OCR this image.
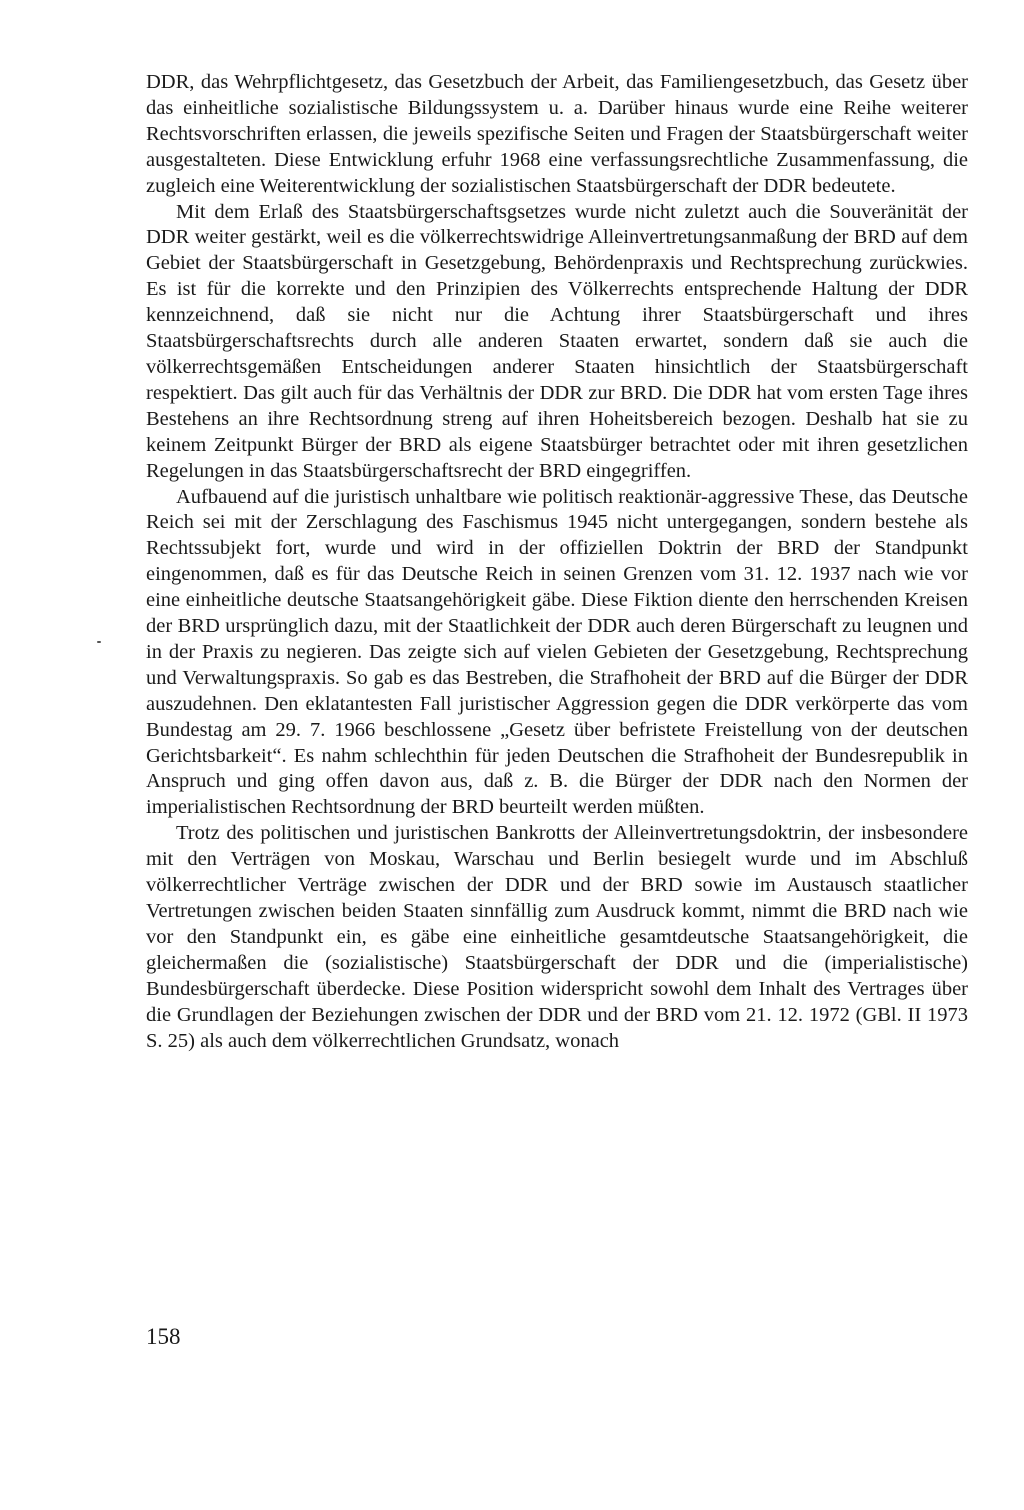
DDR, das Wehrpflichtgesetz, das Gesetzbuch der Arbeit, das Familiengesetzbuch, das Gesetz über das einheitliche sozialistische Bildungssystem u. a. Darüber hinaus wurde eine Reihe weiterer Rechtsvorschriften erlassen, die jeweils spezifische Seiten und Fragen der Staatsbürgerschaft weiter ausgestalteten. Diese Entwicklung erfuhr 1968 eine verfassungsrechtliche Zusammenfassung, die zugleich eine Weiterentwicklung der sozialistischen Staatsbürgerschaft der DDR bedeutete.

Mit dem Erlaß des Staatsbürgerschaftsgsetzes wurde nicht zuletzt auch die Souveränität der DDR weiter gestärkt, weil es die völkerrechtswidrige Alleinvertretungsanmaßung der BRD auf dem Gebiet der Staatsbürgerschaft in Gesetzgebung, Behördenpraxis und Rechtsprechung zurückwies. Es ist für die korrekte und den Prinzipien des Völkerrechts entsprechende Haltung der DDR kennzeichnend, daß sie nicht nur die Achtung ihrer Staatsbürgerschaft und ihres Staatsbürgerschaftsrechts durch alle anderen Staaten erwartet, sondern daß sie auch die völkerrechtsgemäßen Entscheidungen anderer Staaten hinsichtlich der Staatsbürgerschaft respektiert. Das gilt auch für das Verhältnis der DDR zur BRD. Die DDR hat vom ersten Tage ihres Bestehens an ihre Rechtsordnung streng auf ihren Hoheitsbereich bezogen. Deshalb hat sie zu keinem Zeitpunkt Bürger der BRD als eigene Staatsbürger betrachtet oder mit ihren gesetzlichen Regelungen in das Staatsbürgerschaftsrecht der BRD eingegriffen.

Aufbauend auf die juristisch unhaltbare wie politisch reaktionär-aggressive These, das Deutsche Reich sei mit der Zerschlagung des Faschismus 1945 nicht untergegangen, sondern bestehe als Rechtssubjekt fort, wurde und wird in der offiziellen Doktrin der BRD der Standpunkt eingenommen, daß es für das Deutsche Reich in seinen Grenzen vom 31. 12. 1937 nach wie vor eine einheitliche deutsche Staatsangehörigkeit gäbe. Diese Fiktion diente den herrschenden Kreisen der BRD ursprünglich dazu, mit der Staatlichkeit der DDR auch deren Bürgerschaft zu leugnen und in der Praxis zu negieren. Das zeigte sich auf vielen Gebieten der Gesetzgebung, Rechtsprechung und Verwaltungspraxis. So gab es das Bestreben, die Strafhoheit der BRD auf die Bürger der DDR auszudehnen. Den eklatantesten Fall juristischer Aggression gegen die DDR verkörperte das vom Bundestag am 29. 7. 1966 beschlossene „Gesetz über befristete Freistellung von der deutschen Gerichtsbarkeit“. Es nahm schlechthin für jeden Deutschen die Strafhoheit der Bundesrepublik in Anspruch und ging offen davon aus, daß z. B. die Bürger der DDR nach den Normen der imperialistischen Rechtsordnung der BRD beurteilt werden müßten.

Trotz des politischen und juristischen Bankrotts der Alleinvertretungsdoktrin, der insbesondere mit den Verträgen von Moskau, Warschau und Berlin besiegelt wurde und im Abschluß völkerrechtlicher Verträge zwischen der DDR und der BRD sowie im Austausch staatlicher Vertretungen zwischen beiden Staaten sinnfällig zum Ausdruck kommt, nimmt die BRD nach wie vor den Standpunkt ein, es gäbe eine einheitliche gesamtdeutsche Staatsangehörigkeit, die gleichermaßen die (sozialistische) Staatsbürgerschaft der DDR und die (imperialistische) Bundesbürgerschaft überdecke. Diese Position widerspricht sowohl dem Inhalt des Vertrages über die Grundlagen der Beziehungen zwischen der DDR und der BRD vom 21. 12. 1972 (GBl. II 1973 S. 25) als auch dem völkerrechtlichen Grundsatz, wonach

158
